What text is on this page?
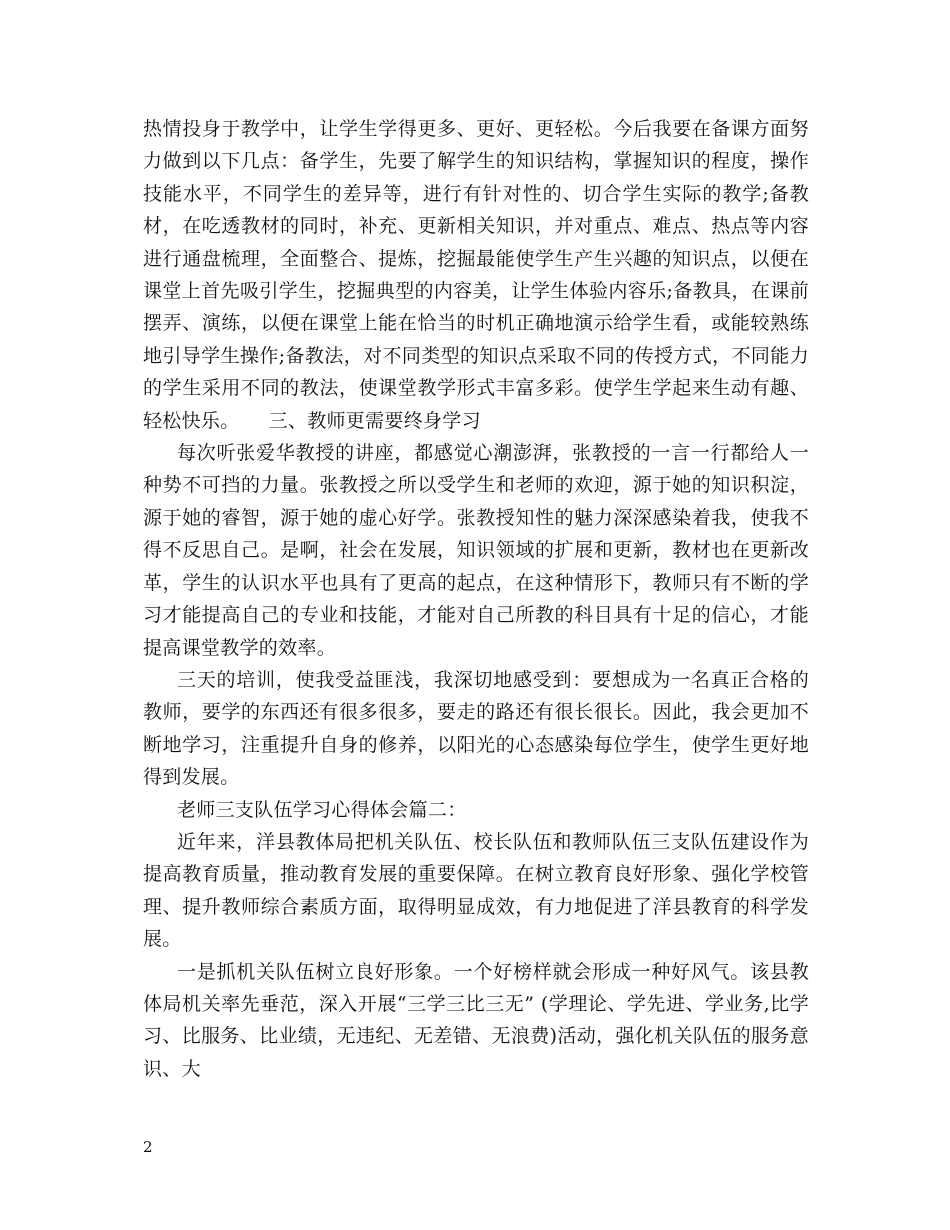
热情投身于教学中，让学生学得更多、更好、更轻松。今后我要在备课方面努力做到以下几点：备学生，先要了解学生的知识结构，掌握知识的程度，操作技能水平，不同学生的差异等，进行有针对性的、切合学生实际的教学;备教材，在吃透教材的同时，补充、更新相关知识，并对重点、难点、热点等内容进行通盘梳理，全面整合、提炼，挖掘最能使学生产生兴趣的知识点，以便在课堂上首先吸引学生，挖掘典型的内容美，让学生体验内容乐;备教具，在课前摆弄、演练，以便在课堂上能在恰当的时机正确地演示给学生看，或能较熟练地引导学生操作;备教法，对不同类型的知识点采取不同的传授方式，不同能力的学生采用不同的教法，使课堂教学形式丰富多彩。使学生学起来生动有趣、轻松快乐。　　三、教师更需要终身学习

每次听张爱华教授的讲座，都感觉心潮澎湃，张教授的一言一行都给人一种势不可挡的力量。张教授之所以受学生和老师的欢迎，源于她的知识积淀，源于她的睿智，源于她的虚心好学。张教授知性的魅力深深感染着我，使我不得不反思自己。是啊，社会在发展，知识领域的扩展和更新，教材也在更新改革，学生的认识水平也具有了更高的起点，在这种情形下，教师只有不断的学习才能提高自己的专业和技能，才能对自己所教的科目具有十足的信心，才能提高课堂教学的效率。

三天的培训，使我受益匪浅，我深切地感受到：要想成为一名真正合格的教师，要学的东西还有很多很多，要走的路还有很长很长。因此，我会更加不断地学习，注重提升自身的修养，以阳光的心态感染每位学生，使学生更好地得到发展。

老师三支队伍学习心得体会篇二：

近年来，洋县教体局把机关队伍、校长队伍和教师队伍三支队伍建设作为提高教育质量，推动教育发展的重要保障。在树立教育良好形象、强化学校管理、提升教师综合素质方面，取得明显成效，有力地促进了洋县教育的科学发展。

一是抓机关队伍树立良好形象。一个好榜样就会形成一种好风气。该县教体局机关率先垂范，深入开展“三学三比三无” (学理论、学先进、学业务,比学习、比服务、比业绩，无违纪、无差错、无浪费)活动，强化机关队伍的服务意识、大

2
